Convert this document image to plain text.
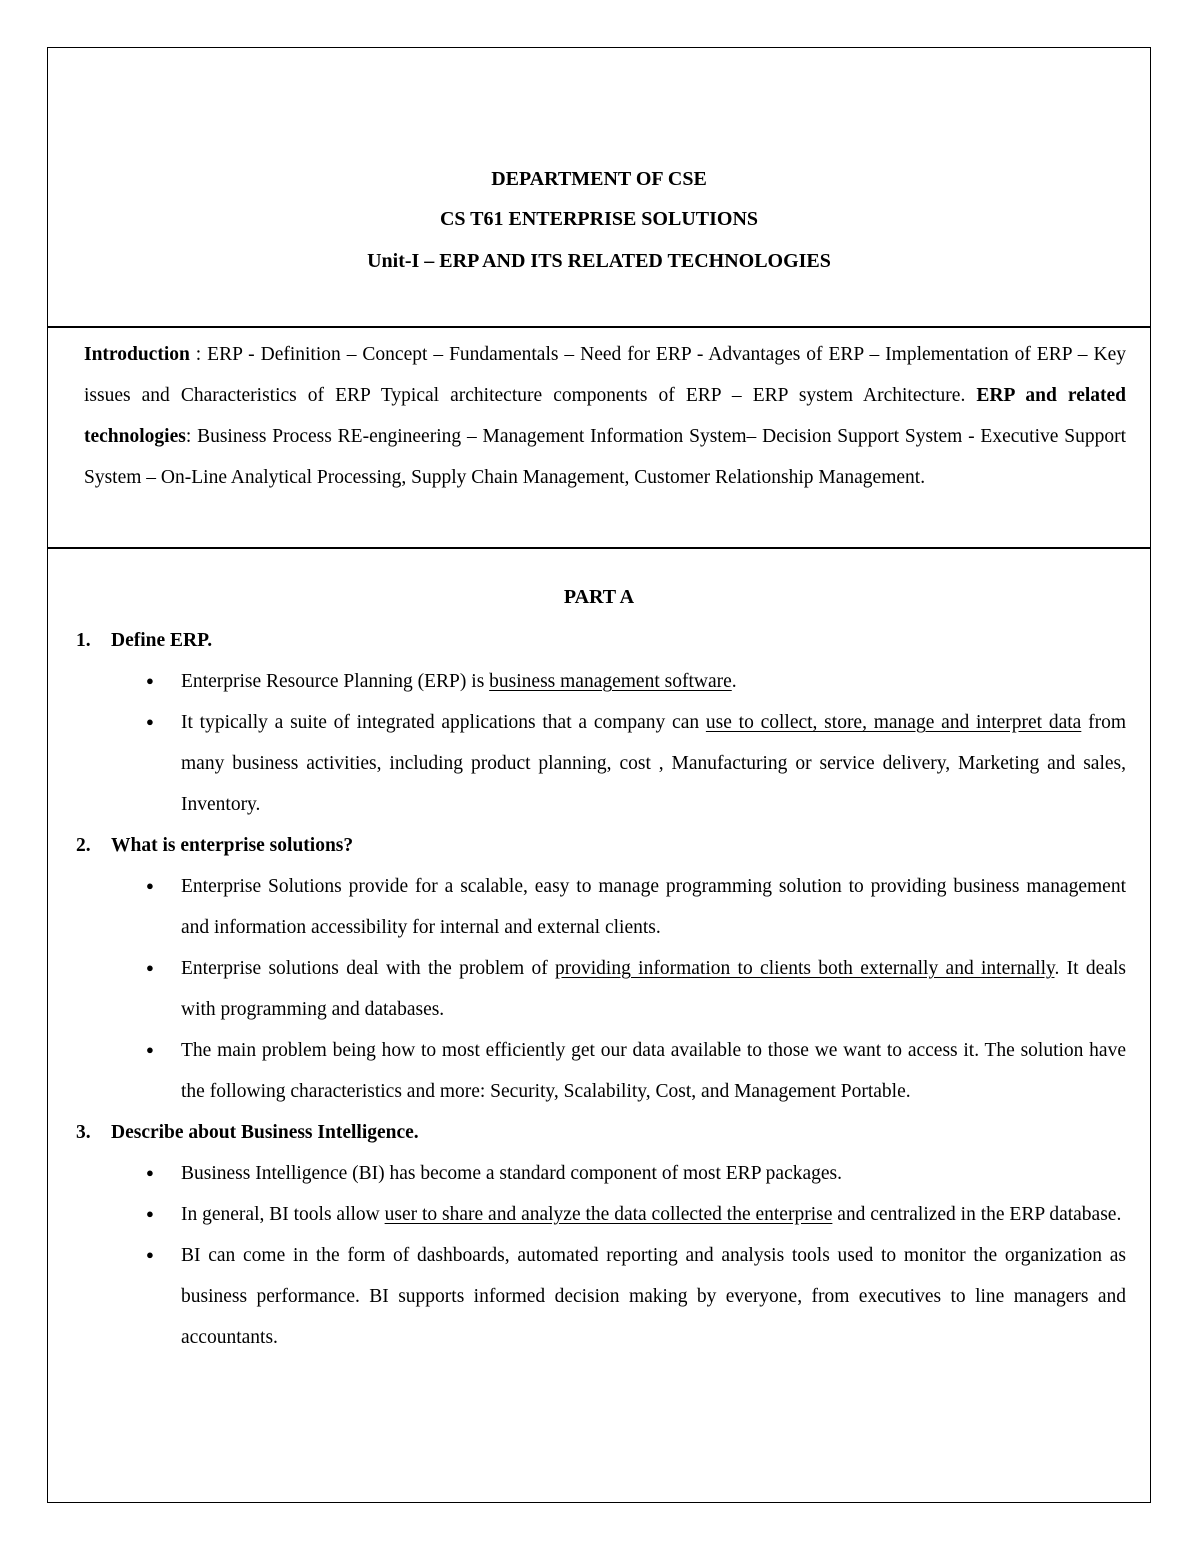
DEPARTMENT OF CSE
CS T61 ENTERPRISE SOLUTIONS
Unit-I – ERP AND ITS RELATED TECHNOLOGIES

Introduction : ERP - Definition – Concept – Fundamentals – Need for ERP - Advantages of ERP – Implementation of ERP – Key issues and Characteristics of ERP Typical architecture components of ERP – ERP system Architecture. ERP and related technologies: Business Process RE-engineering – Management Information System– Decision Support System - Executive Support System – On-Line Analytical Processing, Supply Chain Management, Customer Relationship Management.

PART A
1.	Define ERP.
●
Enterprise Resource Planning (ERP) is business management software.
●
It typically a suite of integrated applications that a company can use to collect, store, manage and interpret data from many business activities, including product planning, cost , Manufacturing or service delivery, Marketing and sales, Inventory.
2.	What is enterprise solutions?
●
Enterprise Solutions provide for a scalable, easy to manage programming solution to providing business management and information accessibility for internal and external clients.
●
Enterprise solutions deal with the problem of providing information to clients both externally and internally. It deals with programming and databases.
●
The main problem being how to most efficiently get our data available to those we want to access it. The solution have the following characteristics and more: Security, Scalability, Cost, and Management Portable.
3.	Describe about Business Intelligence.
●
Business Intelligence (BI) has become a standard component of most ERP packages.
●
In general, BI tools allow user to share and analyze the data collected the enterprise and centralized in the ERP database.
●
BI can come in the form of dashboards, automated reporting and analysis tools used to monitor the organization as business performance. BI supports informed decision making by everyone, from executives to line managers and accountants.
